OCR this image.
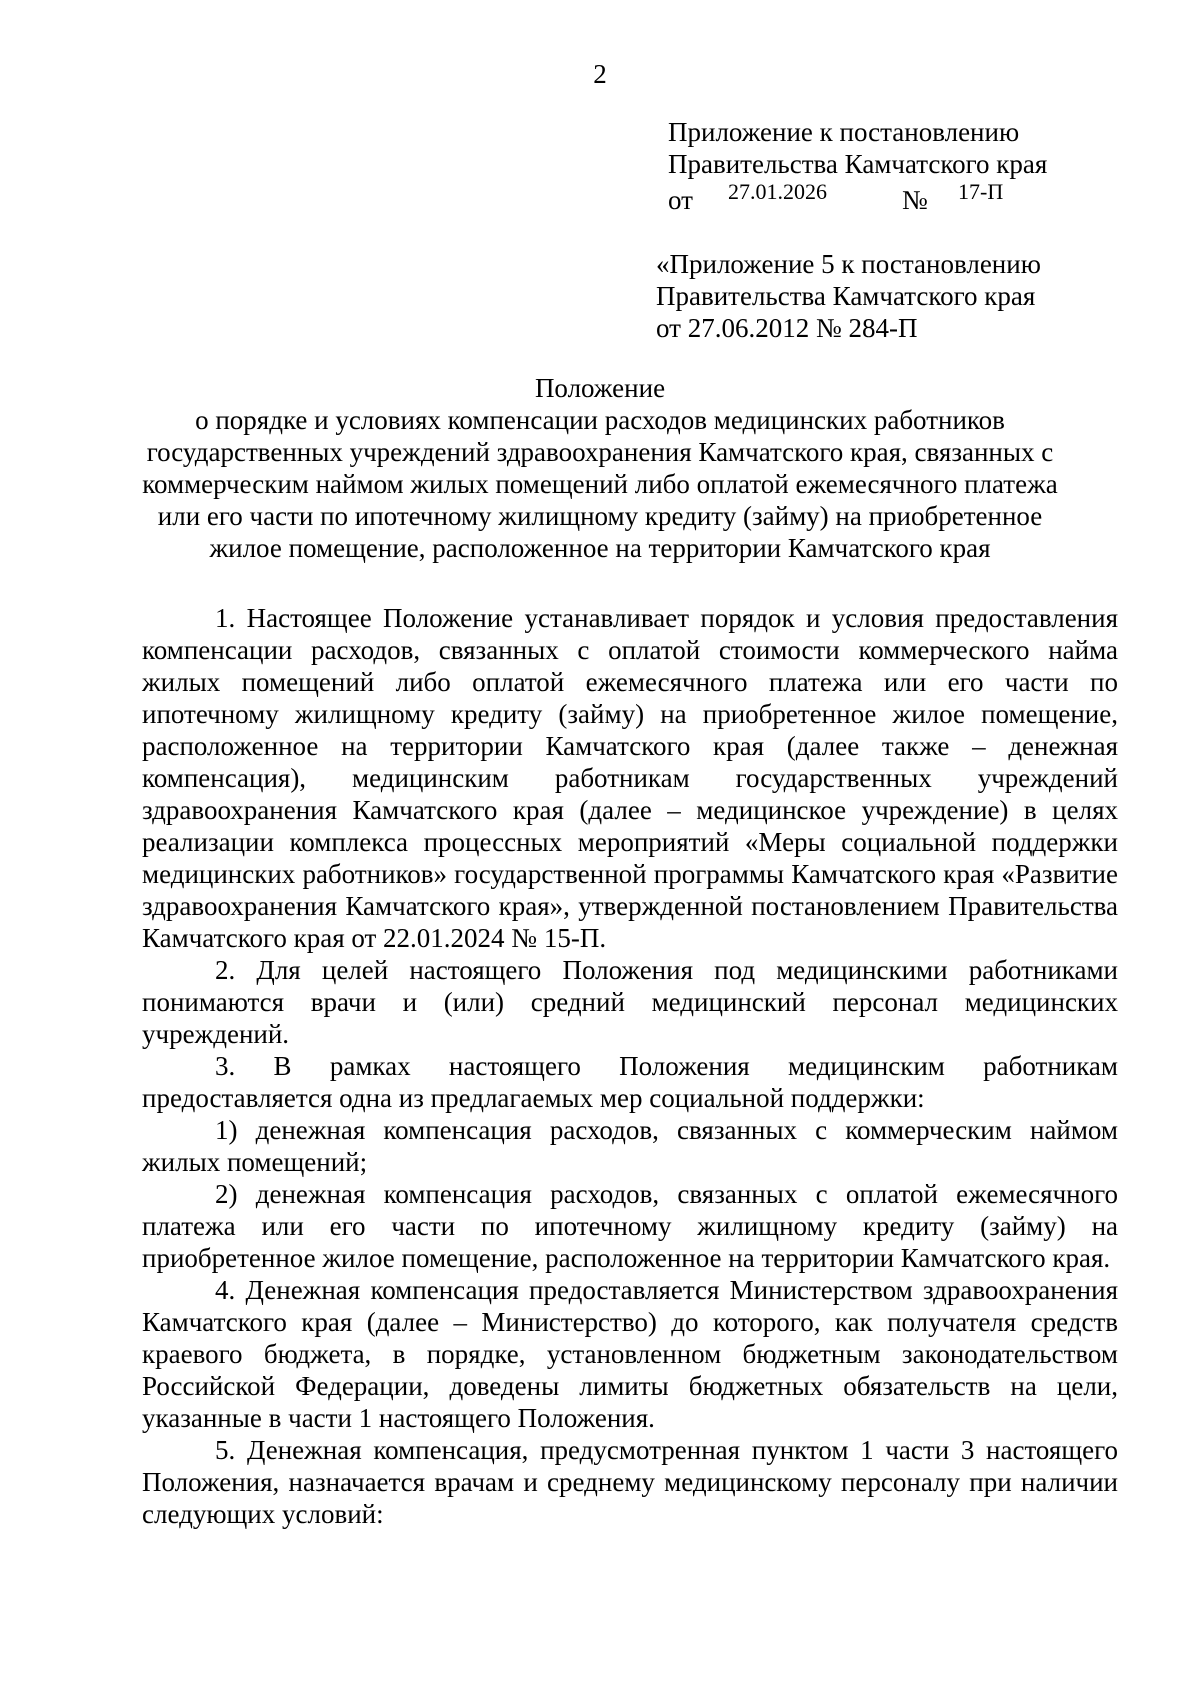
2
Приложение к постановлению
Правительства Камчатского края
от 27.01.2026	№ 17-П
«Приложение 5 к постановлению
Правительства Камчатского края
от 27.06.2012 № 284-П
Положение
о порядке и условиях компенсации расходов медицинских работников
государственных учреждений здравоохранения Камчатского края, связанных с
коммерческим наймом жилых помещений либо оплатой ежемесячного платежа
или его части по ипотечному жилищному кредиту (займу) на приобретенное
жилое помещение, расположенное на территории Камчатского края

1. Настоящее Положение устанавливает порядок и условия предоставления компенсации расходов, связанных с оплатой стоимости коммерческого найма жилых помещений либо оплатой ежемесячного платежа или его части по ипотечному жилищному кредиту (займу) на приобретенное жилое помещение, расположенное на территории Камчатского края (далее также – денежная компенсация), медицинским работникам государственных учреждений здравоохранения Камчатского края (далее – медицинское учреждение) в целях реализации комплекса процессных мероприятий «Меры социальной поддержки медицинских работников» государственной программы Камчатского края «Развитие здравоохранения Камчатского края», утвержденной постановлением Правительства Камчатского края от 22.01.2024 № 15-П.

2. Для целей настоящего Положения под медицинскими работниками понимаются врачи и (или) средний медицинский персонал медицинских учреждений.

3. В рамках настоящего Положения медицинским работникам предоставляется одна из предлагаемых мер социальной поддержки:

1) денежная компенсация расходов, связанных с коммерческим наймом жилых помещений;

2) денежная компенсация расходов, связанных с оплатой ежемесячного платежа или его части по ипотечному жилищному кредиту (займу) на приобретенное жилое помещение, расположенное на территории Камчатского края.

4. Денежная компенсация предоставляется Министерством здравоохранения Камчатского края (далее – Министерство) до которого, как получателя средств краевого бюджета, в порядке, установленном бюджетным законодательством Российской Федерации, доведены лимиты бюджетных обязательств на цели, указанные в части 1 настоящего Положения.

5. Денежная компенсация, предусмотренная пунктом 1 части 3 настоящего Положения, назначается врачам и среднему медицинскому персоналу при наличии следующих условий:
